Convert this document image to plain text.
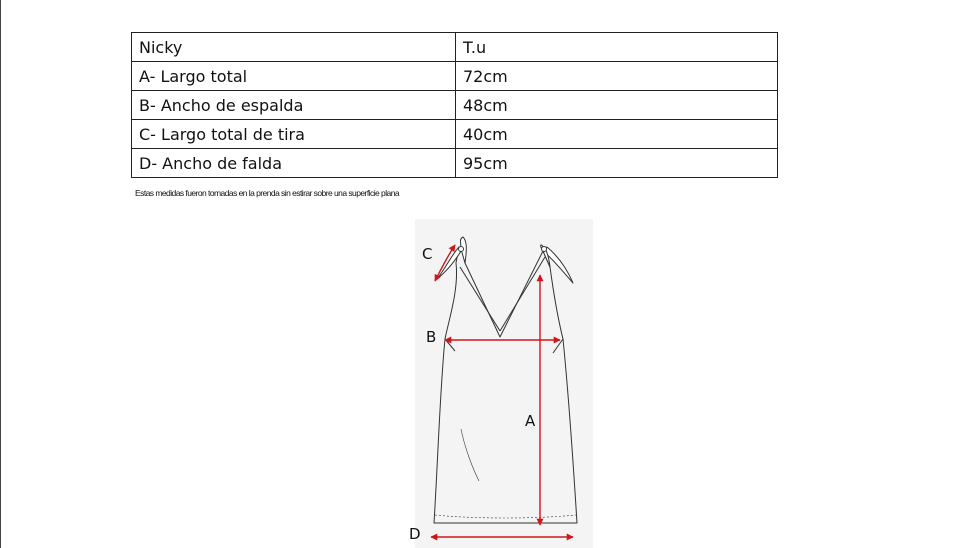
Nicky	T.u
A- Largo total	72cm
B- Ancho de espalda	48cm
C- Largo total de tira	40cm
D- Ancho de falda	95cm
Estas medidas fueron tomadas en la prenda sin estirar sobre una superficie plana
A
B
C
D
